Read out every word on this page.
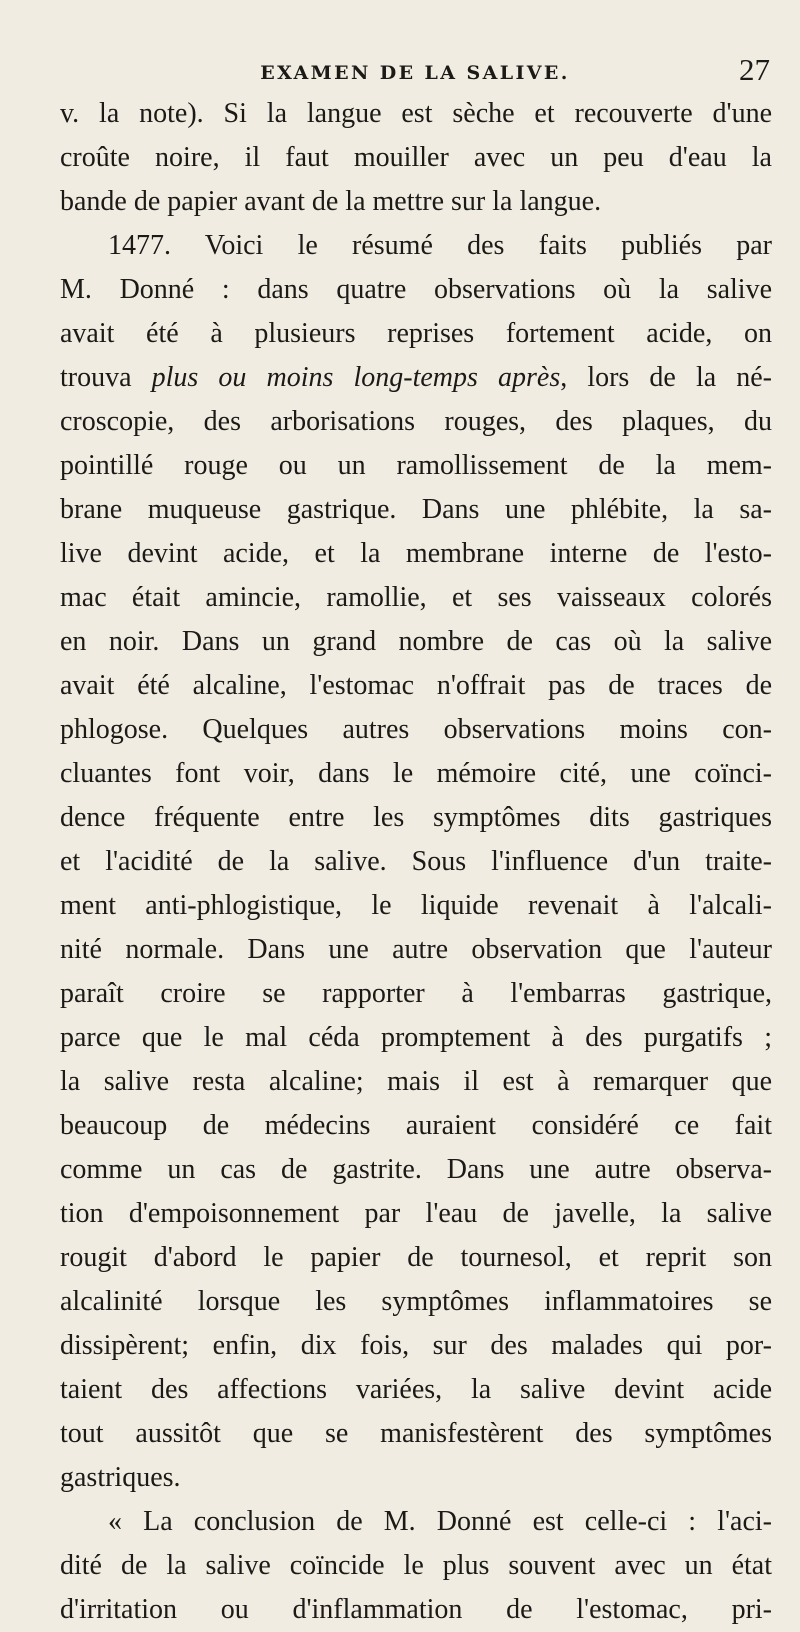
EXAMEN DE LA SALIVE.	27
v. la note). Si la langue est sèche et recouverte d'une
croûte noire, il faut mouiller avec un peu d'eau la
bande de papier avant de la mettre sur la langue.
1477. Voici le résumé des faits publiés par
M. Donné : dans quatre observations où la salive
avait été à plusieurs reprises fortement acide, on
trouva plus ou moins long-temps après, lors de la né-
croscopie, des arborisations rouges, des plaques, du
pointillé rouge ou un ramollissement de la mem-
brane muqueuse gastrique. Dans une phlébite, la sa-
live devint acide, et la membrane interne de l'esto-
mac était amincie, ramollie, et ses vaisseaux colorés
en noir. Dans un grand nombre de cas où la salive
avait été alcaline, l'estomac n'offrait pas de traces de
phlogose. Quelques autres observations moins con-
cluantes font voir, dans le mémoire cité, une coïnci-
dence fréquente entre les symptômes dits gastriques
et l'acidité de la salive. Sous l'influence d'un traite-
ment anti-phlogistique, le liquide revenait à l'alcali-
nité normale. Dans une autre observation que l'auteur
paraît croire se rapporter à l'embarras gastrique,
parce que le mal céda promptement à des purgatifs ;
la salive resta alcaline; mais il est à remarquer que
beaucoup de médecins auraient considéré ce fait
comme un cas de gastrite. Dans une autre observa-
tion d'empoisonnement par l'eau de javelle, la salive
rougit d'abord le papier de tournesol, et reprit son
alcalinité lorsque les symptômes inflammatoires se
dissipèrent; enfin, dix fois, sur des malades qui por-
taient des affections variées, la salive devint acide
tout aussitôt que se manisfestèrent des symptômes
gastriques.
« La conclusion de M. Donné est celle-ci : l'aci-
dité de la salive coïncide le plus souvent avec un état
d'irritation ou d'inflammation de l'estomac, pri-
